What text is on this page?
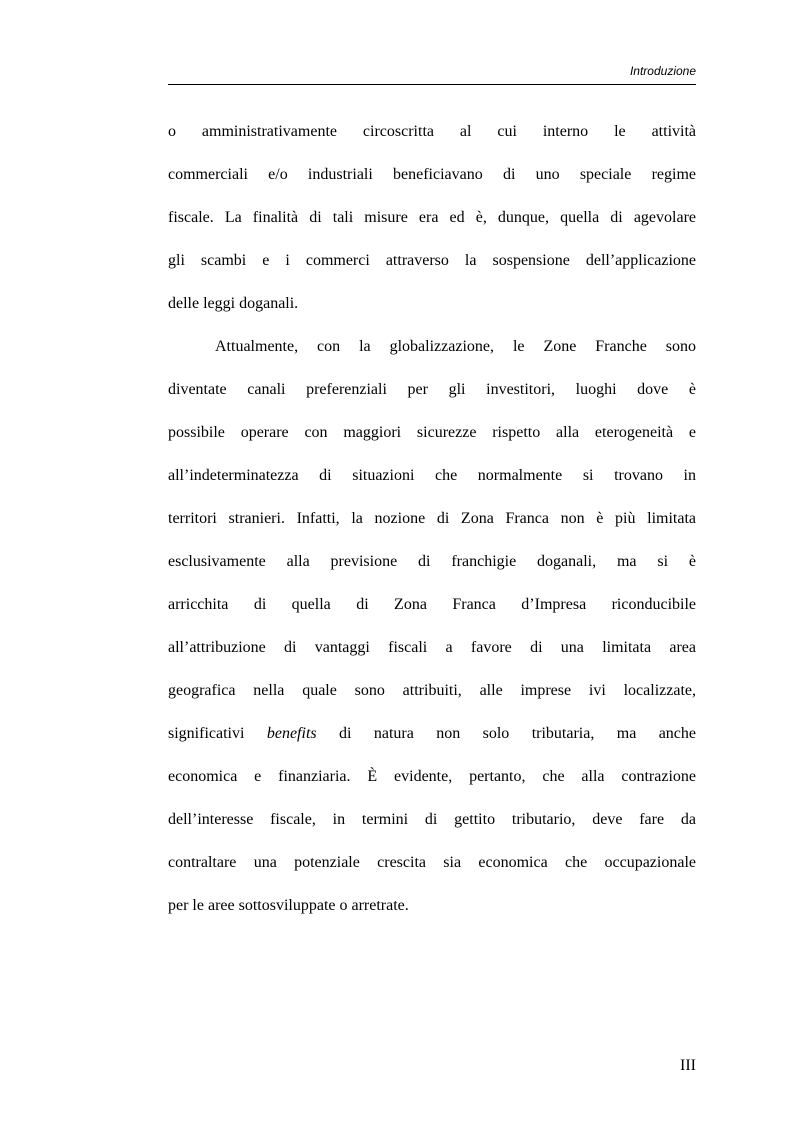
Introduzione

o amministrativamente circoscritta al cui interno le attività

commerciali e/o industriali beneficiavano di uno speciale regime

fiscale. La finalità di tali misure era ed è, dunque, quella di agevolare

gli scambi e i commerci attraverso la sospensione dell’applicazione

delle leggi doganali.

Attualmente, con la globalizzazione, le Zone Franche sono

diventate canali preferenziali per gli investitori, luoghi dove è

possibile operare con maggiori sicurezze rispetto alla eterogeneità e

all’indeterminatezza di situazioni che normalmente si trovano in

territori stranieri. Infatti, la nozione di Zona Franca non è più limitata

esclusivamente alla previsione di franchigie doganali, ma si è

arricchita di quella di Zona Franca d’Impresa riconducibile

all’attribuzione di vantaggi fiscali a favore di una limitata area

geografica nella quale sono attribuiti, alle imprese ivi localizzate,

significativi benefits di natura non solo tributaria, ma anche

economica e finanziaria. È evidente, pertanto, che alla contrazione

dell’interesse fiscale, in termini di gettito tributario, deve fare da

contraltare una potenziale crescita sia economica che occupazionale

per le aree sottosviluppate o arretrate.

III
